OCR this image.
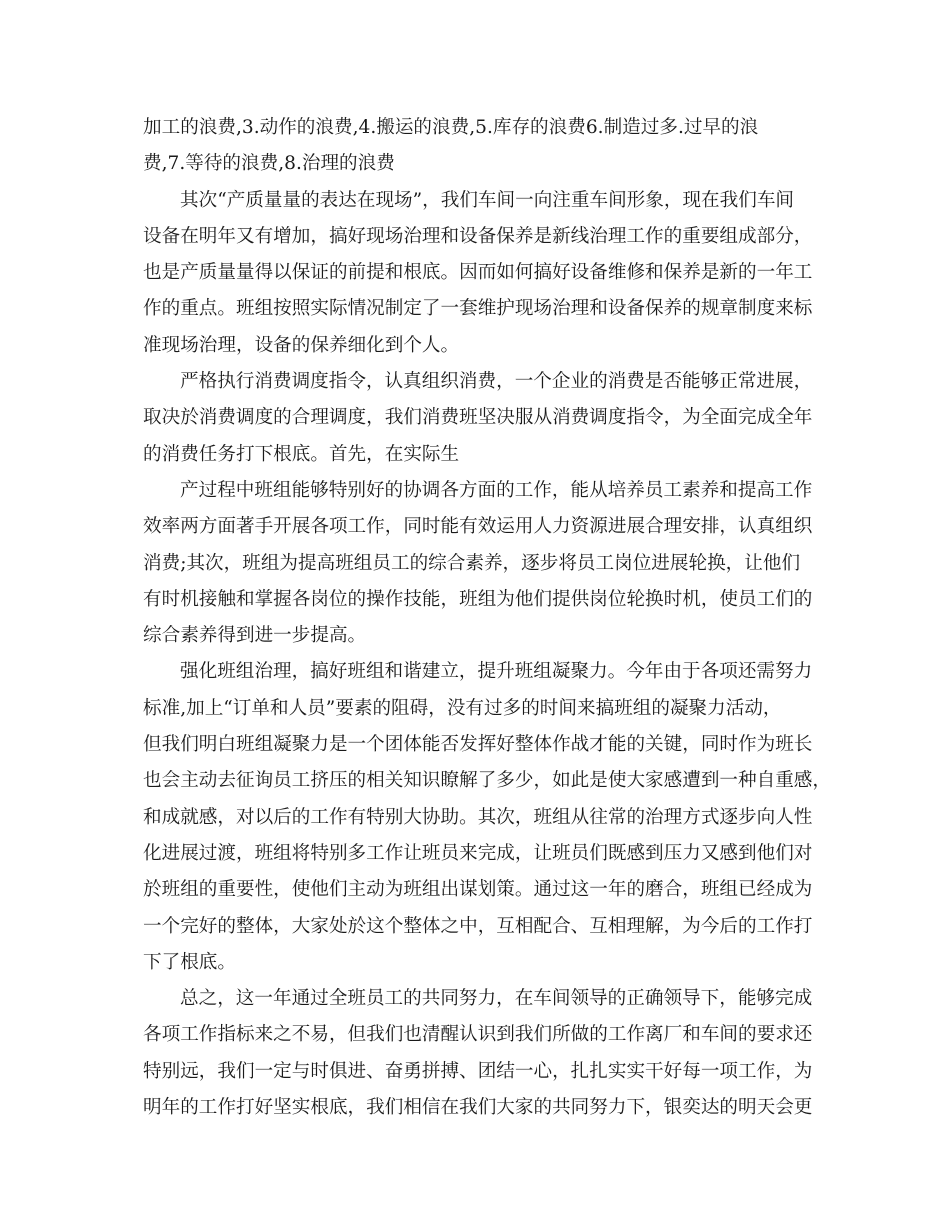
加工的浪费,3.动作的浪费,4.搬运的浪费,5.库存的浪费6.制造过多.过早的浪
费,7.等待的浪费,8.治理的浪费
其次“产质量量的表达在现场”，我们车间一向注重车间形象，现在我们车间
设备在明年又有增加，搞好现场治理和设备保养是新线治理工作的重要组成部分，
也是产质量量得以保证的前提和根底。因而如何搞好设备维修和保养是新的一年工
作的重点。班组按照实际情况制定了一套维护现场治理和设备保养的规章制度来标
准现场治理，设备的保养细化到个人。
严格执行消费调度指令，认真组织消费，一个企业的消费是否能够正常进展，
取决於消费调度的合理调度，我们消费班坚决服从消费调度指令，为全面完成全年
的消费任务打下根底。首先，在实际生
产过程中班组能够特别好的协调各方面的工作，能从培养员工素养和提高工作
效率两方面著手开展各项工作，同时能有效运用人力资源进展合理安排，认真组织
消费;其次，班组为提高班组员工的综合素养，逐步将员工岗位进展轮换，让他们
有时机接触和掌握各岗位的操作技能，班组为他们提供岗位轮换时机，使员工们的
综合素养得到进一步提高。
强化班组治理，搞好班组和谐建立，提升班组凝聚力。今年由于各项还需努力
标准,加上“订单和人员”要素的阻碍，没有过多的时间来搞班组的凝聚力活动，
但我们明白班组凝聚力是一个团体能否发挥好整体作战才能的关键，同时作为班长
也会主动去征询员工挤压的相关知识瞭解了多少，如此是使大家感遭到一种自重感，
和成就感，对以后的工作有特别大协助。其次，班组从往常的治理方式逐步向人性
化进展过渡，班组将特别多工作让班员来完成，让班员们既感到压力又感到他们对
於班组的重要性，使他们主动为班组出谋划策。通过这一年的磨合，班组已经成为
一个完好的整体，大家处於这个整体之中，互相配合、互相理解，为今后的工作打
下了根底。
总之，这一年通过全班员工的共同努力，在车间领导的正确领导下，能够完成
各项工作指标来之不易，但我们也清醒认识到我们所做的工作离厂和车间的要求还
特别远，我们一定与时俱进、奋勇拼搏、团结一心，扎扎实实干好每一项工作，为
明年的工作打好坚实根底，我们相信在我们大家的共同努力下，银奕达的明天会更
